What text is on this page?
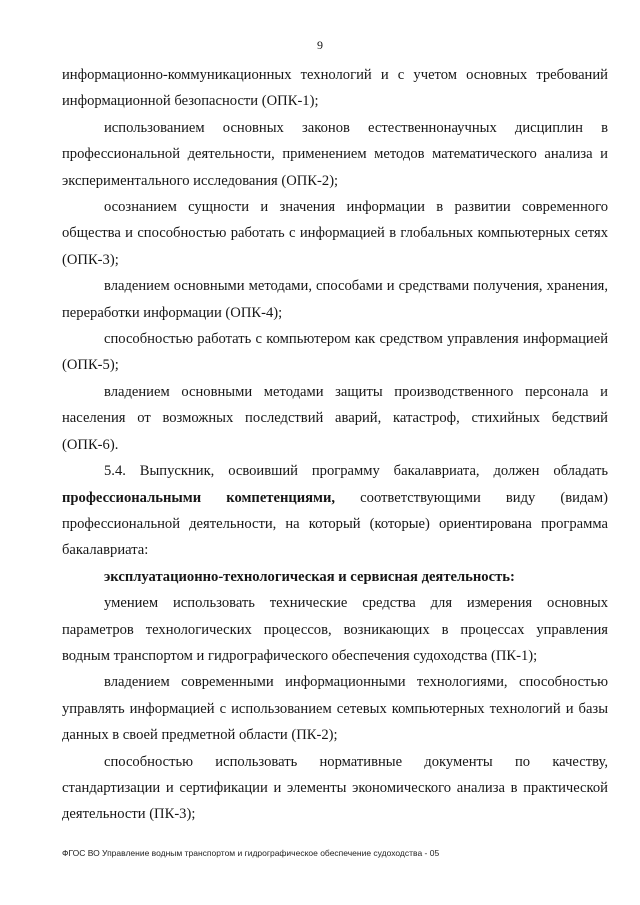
9

информационно-коммуникационных технологий и с учетом основных требований информационной безопасности (ОПК-1);

использованием основных законов естественнонаучных дисциплин в профессиональной деятельности, применением методов математического анализа и экспериментального исследования (ОПК-2);

осознанием сущности и значения информации в развитии современного общества и способностью работать с информацией в глобальных компьютерных сетях (ОПК-3);

владением основными методами, способами и средствами получения, хранения, переработки информации (ОПК-4);

способностью работать с компьютером как средством управления информацией (ОПК-5);

владением основными методами защиты производственного персонала и населения от возможных последствий аварий, катастроф, стихийных бедствий (ОПК-6).

5.4. Выпускник, освоивший программу бакалавриата, должен обладать профессиональными компетенциями, соответствующими виду (видам) профессиональной деятельности, на который (которые) ориентирована программа бакалавриата:

эксплуатационно-технологическая и сервисная деятельность:

умением использовать технические средства для измерения основных параметров технологических процессов, возникающих в процессах управления водным транспортом и гидрографического обеспечения судоходства (ПК-1);

владением современными информационными технологиями, способностью управлять информацией с использованием сетевых компьютерных технологий и базы данных в своей предметной области (ПК-2);

способностью использовать нормативные документы по качеству, стандартизации и сертификации и элементы экономического анализа в практической деятельности (ПК-3);

ФГОС ВО Управление водным транспортом и гидрографическое обеспечение судоходства - 05
